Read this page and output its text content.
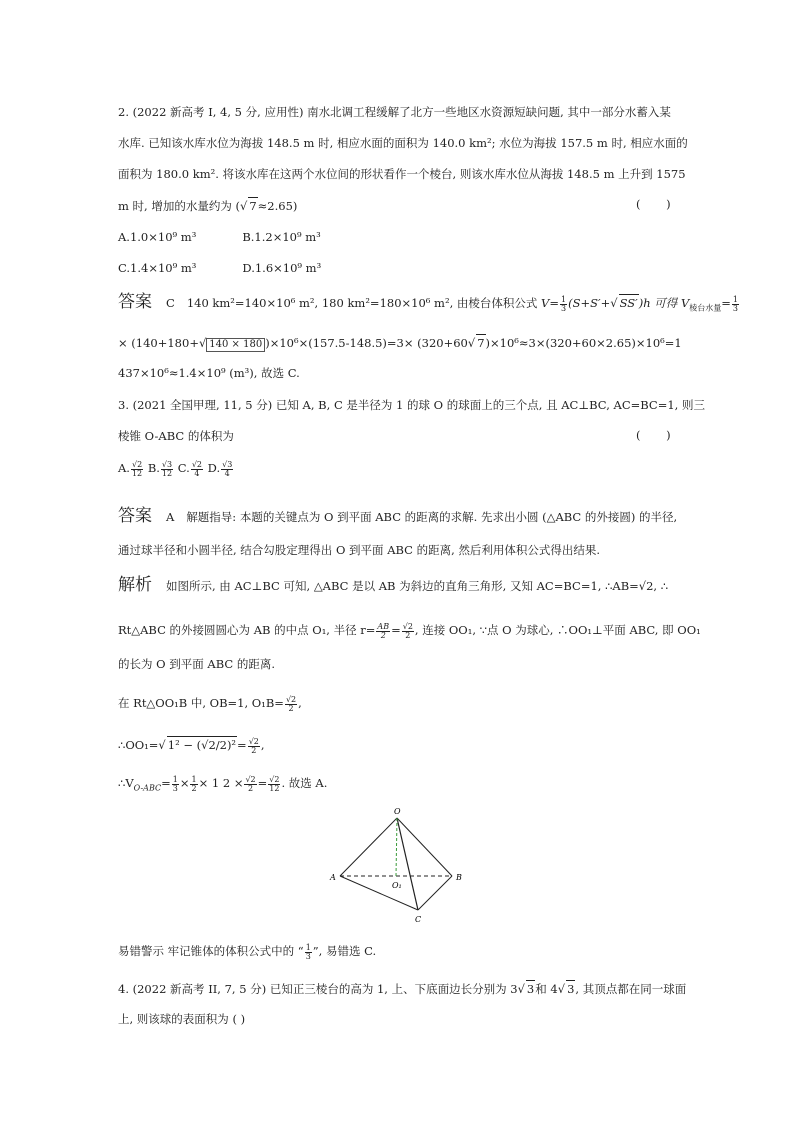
2. (2022 新高考 I, 4, 5 分, 应用性) 南水北调工程缓解了北方一些地区水资源短缺问题, 其中一部分水蓄入某
水库. 已知该水库水位为海拔 148.5 m 时, 相应水面的面积为 140.0 km²; 水位为海拔 157.5 m 时, 相应水面的
面积为 180.0 km². 将该水库在这两个水位间的形状看作一个棱台, 则该水库水位从海拔 148.5 m 上升到 1575
m 时, 增加的水量约为 (√ 7≈2.65)	(       )
A.1.0×10⁹ m³	B.1.2×10⁹ m³
C.1.4×10⁹ m³	D.1.6×10⁹ m³
答案 C 140 km²=140×10⁶ m², 180 km²=180×10⁶ m², 由棱台体积公式 $V= \frac{1}{3} (S+S'+√$ SS′)h 可得 $V_{棱台水量}= \frac{1}{3}$
× (140+180+√ 140 × 180 )×10⁶×(157.5-148.5)=3× (320+60√ 7)×10⁶≈3×(320+60×2.65)×10⁶=1
437×10⁶≈1.4×10⁹ (m³), 故选 C.
3. (2021 全国甲理, 11, 5 分) 已知 A, B, C 是半径为 1 的球 O 的球面上的三个点, 且 AC⊥BC, AC=BC=1, 则三
棱锥 O-ABC 的体积为	(       )
A. $\frac{√2}{12} B$. $\frac{√3}{12} C$. $\frac{√2}{4} D$. $\frac{√3}{4}$
答案 A 解题指导: 本题的关键点为 O 到平面 ABC 的距离的求解. 先求出小圆 (△ABC 的外接圆) 的半径,
通过球半径和小圆半径, 结合勾股定理得出 O 到平面 ABC 的距离, 然后利用体积公式得出结果.
解析 如图所示, 由 AC⊥BC 可知, △ABC 是以 AB 为斜边的直角三角形, 又知 AC=BC=1, ∴AB=√2, ∴
Rt△ABC 的外接圆圆心为 AB 的中点 O₁, 半径 $r= \frac{AB}{2} = \frac{√2}{2}$ , 连接 OO₁, ∵点 O 为球心, ∴OO₁⊥平面 ABC, 即 OO₁
的长为 O 到平面 ABC 的距离.
在 Rt△OO₁B 中, OB=1, $O_1B= \frac{√2}{2}$ ,
∴OO₁=√ $1^2 - (√2/2)^2= \frac{√2}{2}$ ,
$\therefore V_{O-ABC}= \frac{1}{3} \times \frac{1}{2} \times 1$ $2 \times \frac{√2}{2} = \frac{√2}{12}$ . 故选 A.
O
A	B
C
O₁
易错警示 牢记锥体的体积公式中的 “ $\frac{1}{3}$ ”, 易错选 C.
4. (2022 新高考 II, 7, 5 分) 已知正三棱台的高为 1, 上、下底面边长分别为 3√ 3和 4√ 3, 其顶点都在同一球面
上, 则该球的表面积为 ( )
